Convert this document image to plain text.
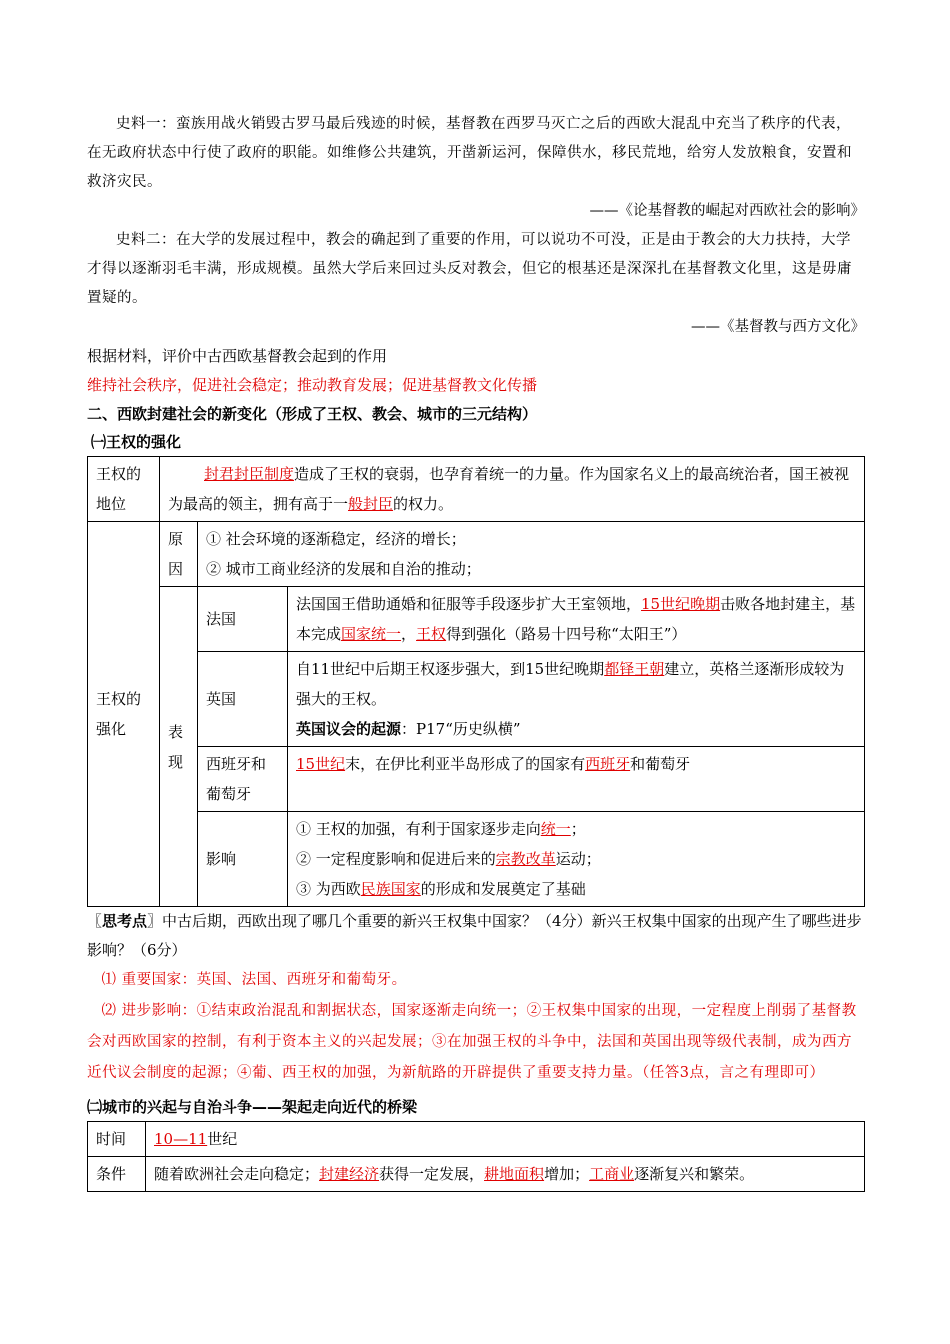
史料一：蛮族用战火销毁古罗马最后残迹的时候，基督教在西罗马灭亡之后的西欧大混乱中充当了秩序的代表，在无政府状态中行使了政府的职能。如维修公共建筑，开凿新运河，保障供水，移民荒地，给穷人发放粮食，安置和救济灾民。

——《论基督教的崛起对西欧社会的影响》

史料二：在大学的发展过程中，教会的确起到了重要的作用，可以说功不可没，正是由于教会的大力扶持，大学才得以逐渐羽毛丰满，形成规模。虽然大学后来回过头反对教会，但它的根基还是深深扎在基督教文化里，这是毋庸置疑的。

——《基督教与西方文化》

根据材料，评价中古西欧基督教会起到的作用

维持社会秩序，促进社会稳定；推动教育发展；促进基督教文化传播

二、西欧封建社会的新变化（形成了王权、教会、城市的三元结构）

㈠王权的强化

王权的地位	封君封臣制度造成了王权的衰弱，也孕育着统一的力量。作为国家名义上的最高统治者，国王被视为最高的领主，拥有高于一般封臣的权力。		
王权的强化	原因	① 社会环境的逐渐稳定，经济的增长；
② 城市工商业经济的发展和自治的推动；	

	表现	法国	法国国王借助通婚和征服等手段逐步扩大王室领地，15世纪晚期击败各地封建主，基本完成国家统一，王权得到强化（路易十四号称“太阳王”）
		英国	自11世纪中后期王权逐步强大，到15世纪晚期都铎王朝建立，英格兰逐渐形成较为强大的王权。
英国议会的起源：P17“历史纵横”
		西班牙和葡萄牙	15世纪末，在伊比利亚半岛形成了的国家有西班牙和葡萄牙
		影响	① 王权的加强，有利于国家逐步走向统一；
② 一定程度影响和促进后来的宗教改革运动；
③ 为西欧民族国家的形成和发展奠定了基础

〖思考点〗中古后期，西欧出现了哪几个重要的新兴王权集中国家？（4分）新兴王权集中国家的出现产生了哪些进步影响？（6分）

⑴ 重要国家：英国、法国、西班牙和葡萄牙。

⑵ 进步影响：①结束政治混乱和割据状态，国家逐渐走向统一；②王权集中国家的出现，一定程度上削弱了基督教会对西欧国家的控制，有利于资本主义的兴起发展；③在加强王权的斗争中，法国和英国出现等级代表制，成为西方近代议会制度的起源；④葡、西王权的加强，为新航路的开辟提供了重要支持力量。（任答3点，言之有理即可）

㈡城市的兴起与自治斗争——架起走向近代的桥梁

时间	10—11世纪
条件	随着欧洲社会走向稳定；封建经济获得一定发展，耕地面积增加；工商业逐渐复兴和繁荣。
